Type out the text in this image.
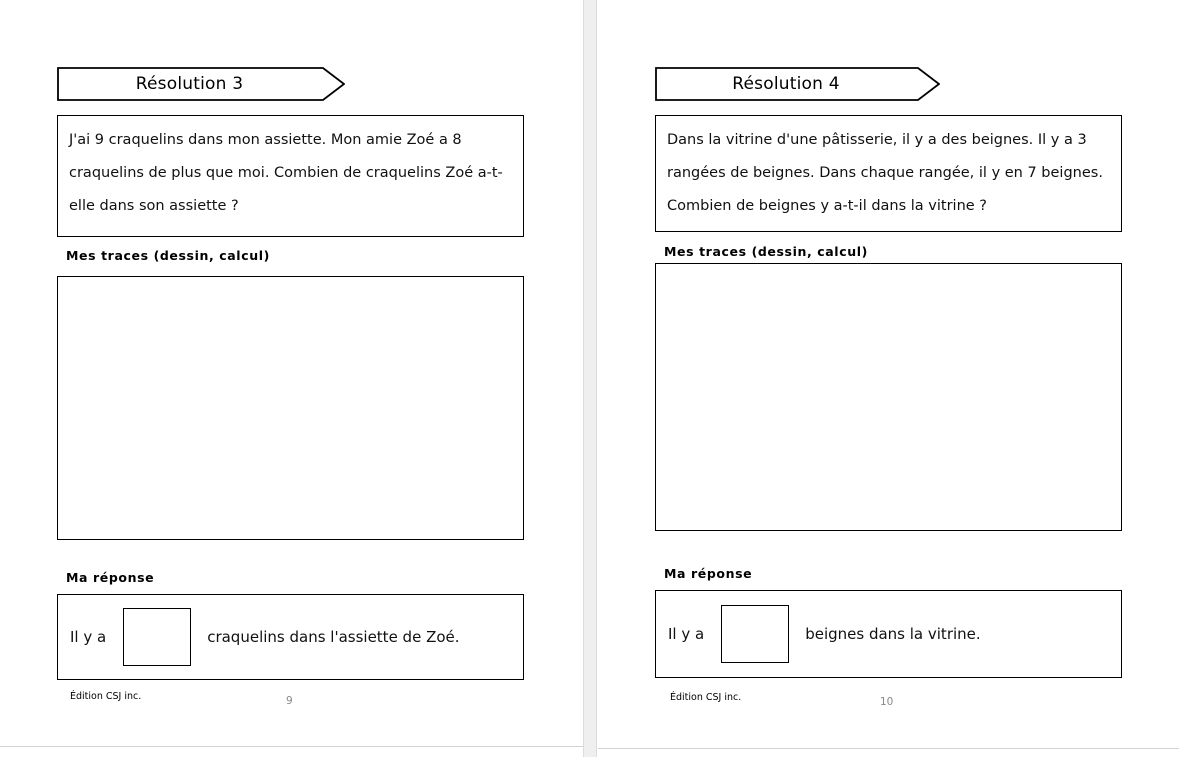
Résolution 3
J'ai 9 craquelins dans mon assiette. Mon amie Zoé a 8 craquelins de plus que moi. Combien de craquelins Zoé a-t-elle dans son assiette ?
Mes traces (dessin, calcul)
Ma réponse
Il y a	craquelins dans l'assiette de Zoé.
Édition CSJ inc.	9
Résolution 4
Dans la vitrine d'une pâtisserie, il y a des beignes. Il y a 3 rangées de beignes. Dans chaque rangée, il y en 7 beignes. Combien de beignes y a-t-il dans la vitrine ?
Mes traces (dessin, calcul)
Ma réponse
Il y a	beignes dans la vitrine.
Édition CSJ inc.	10
